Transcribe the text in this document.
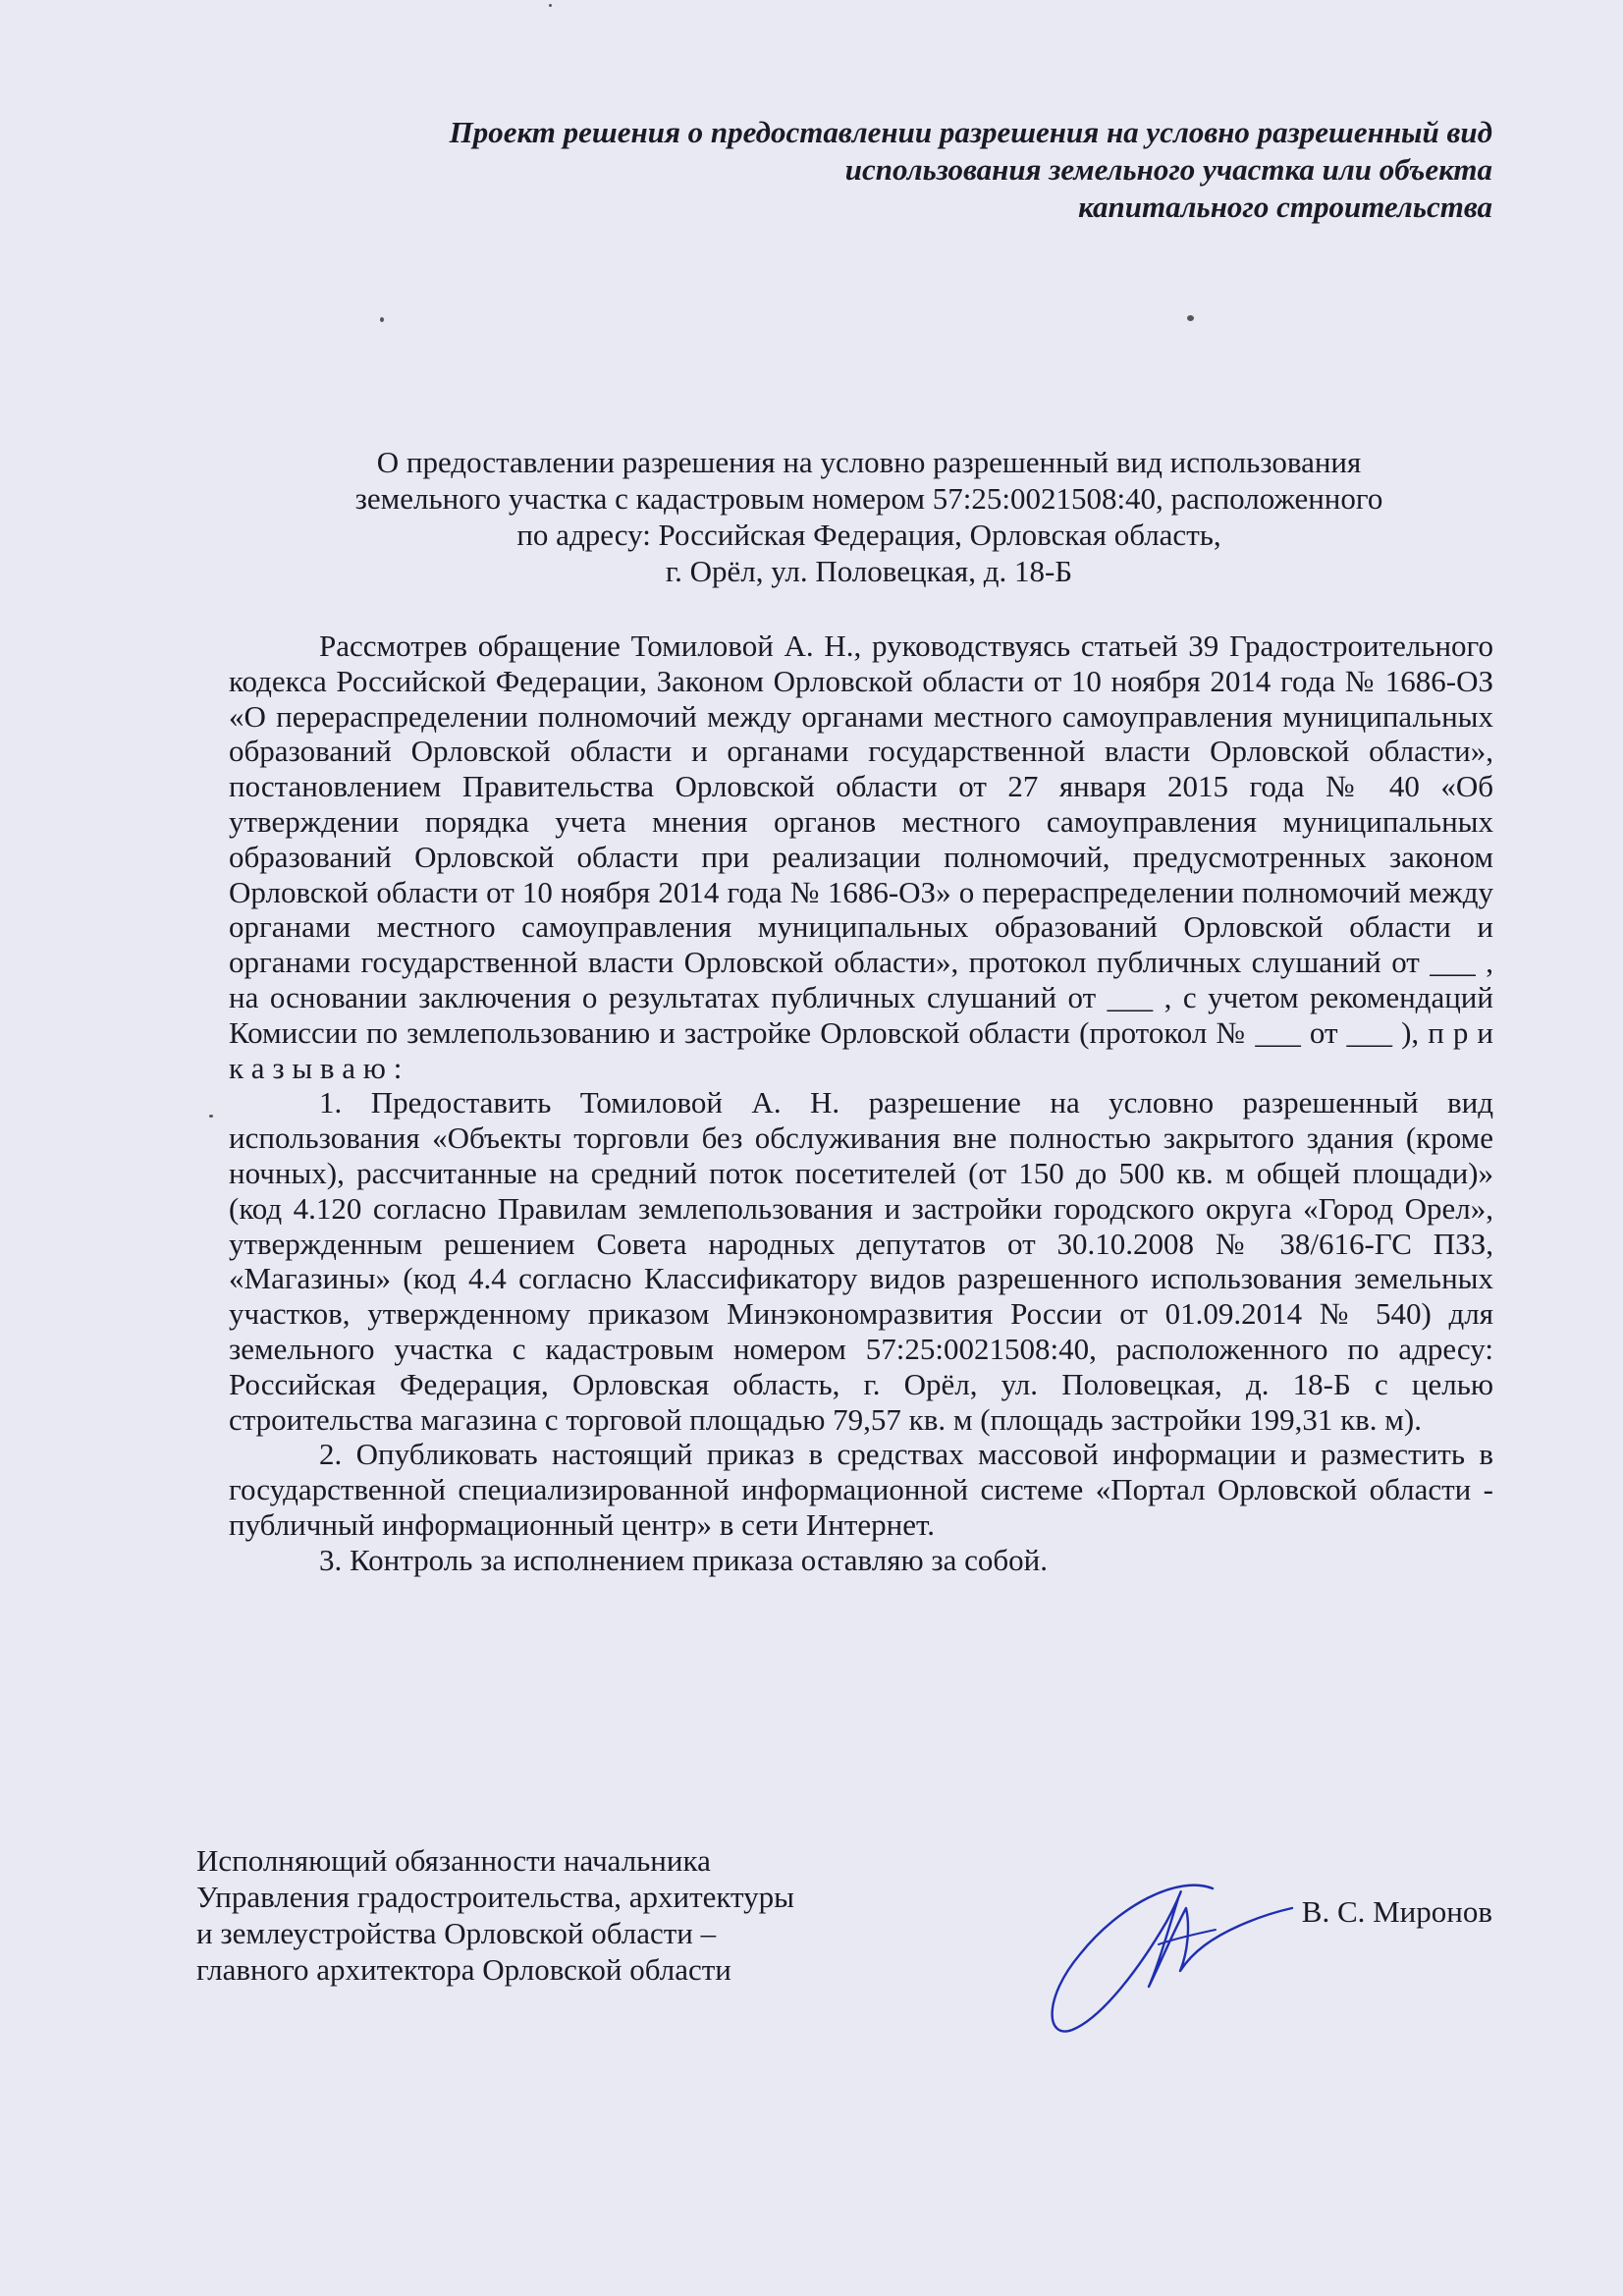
Проект решения о предоставлении разрешения на условно разрешенный вид
использования земельного участка или объекта
капитального строительства
О предоставлении разрешения на условно разрешенный вид использования
земельного участка с кадастровым номером 57:25:0021508:40, расположенного
по адресу: Российская Федерация, Орловская область,
г. Орёл, ул. Половецкая, д. 18-Б

Рассмотрев обращение Томиловой А. Н., руководствуясь статьей 39 Градостроительного кодекса Российской Федерации, Законом Орловской области от 10 ноября 2014 года № 1686-ОЗ «О перераспределении полномочий между органами местного самоуправления муниципальных образований Орловской области и органами государственной власти Орловской области», постановлением Правительства Орловской области от 27 января 2015 года № 40 «Об утверждении порядка учета мнения органов местного самоуправления муниципальных образований Орловской области при реализации полномочий, предусмотренных законом Орловской области от 10 ноября 2014 года № 1686-ОЗ» о перераспределении полномочий между органами местного самоуправления муниципальных образований Орловской области и органами государственной власти Орловской области», протокол публичных слушаний от ___ , на основании заключения о результатах публичных слушаний от ___ , с учетом рекомендаций Комиссии по землепользованию и застройке Орловской области (протокол № ___ от ___ ), п р и к а з ы в а ю :

1. Предоставить Томиловой А. Н. разрешение на условно разрешенный вид использования «Объекты торговли без обслуживания вне полностью закрытого здания (кроме ночных), рассчитанные на средний поток посетителей (от 150 до 500 кв. м общей площади)» (код 4.120 согласно Правилам землепользования и застройки городского округа «Город Орел», утвержденным решением Совета народных депутатов от 30.10.2008 № 38/616-ГС ПЗЗ, «Магазины» (код 4.4 согласно Классификатору видов разрешенного использования земельных участков, утвержденному приказом Минэкономразвития России от 01.09.2014 № 540) для земельного участка с кадастровым номером 57:25:0021508:40, расположенного по адресу: Российская Федерация, Орловская область, г. Орёл, ул. Половецкая, д. 18-Б с целью строительства магазина с торговой площадью 79,57 кв. м (площадь застройки 199,31 кв. м).

2. Опубликовать настоящий приказ в средствах массовой информации и разместить в государственной специализированной информационной системе «Портал Орловской области - публичный информационный центр» в сети Интернет.

3. Контроль за исполнением приказа оставляю за собой.

Исполняющий обязанности начальника
Управления градостроительства, архитектуры
и землеустройства Орловской области –
главного архитектора Орловской области
В. С. Миронов
